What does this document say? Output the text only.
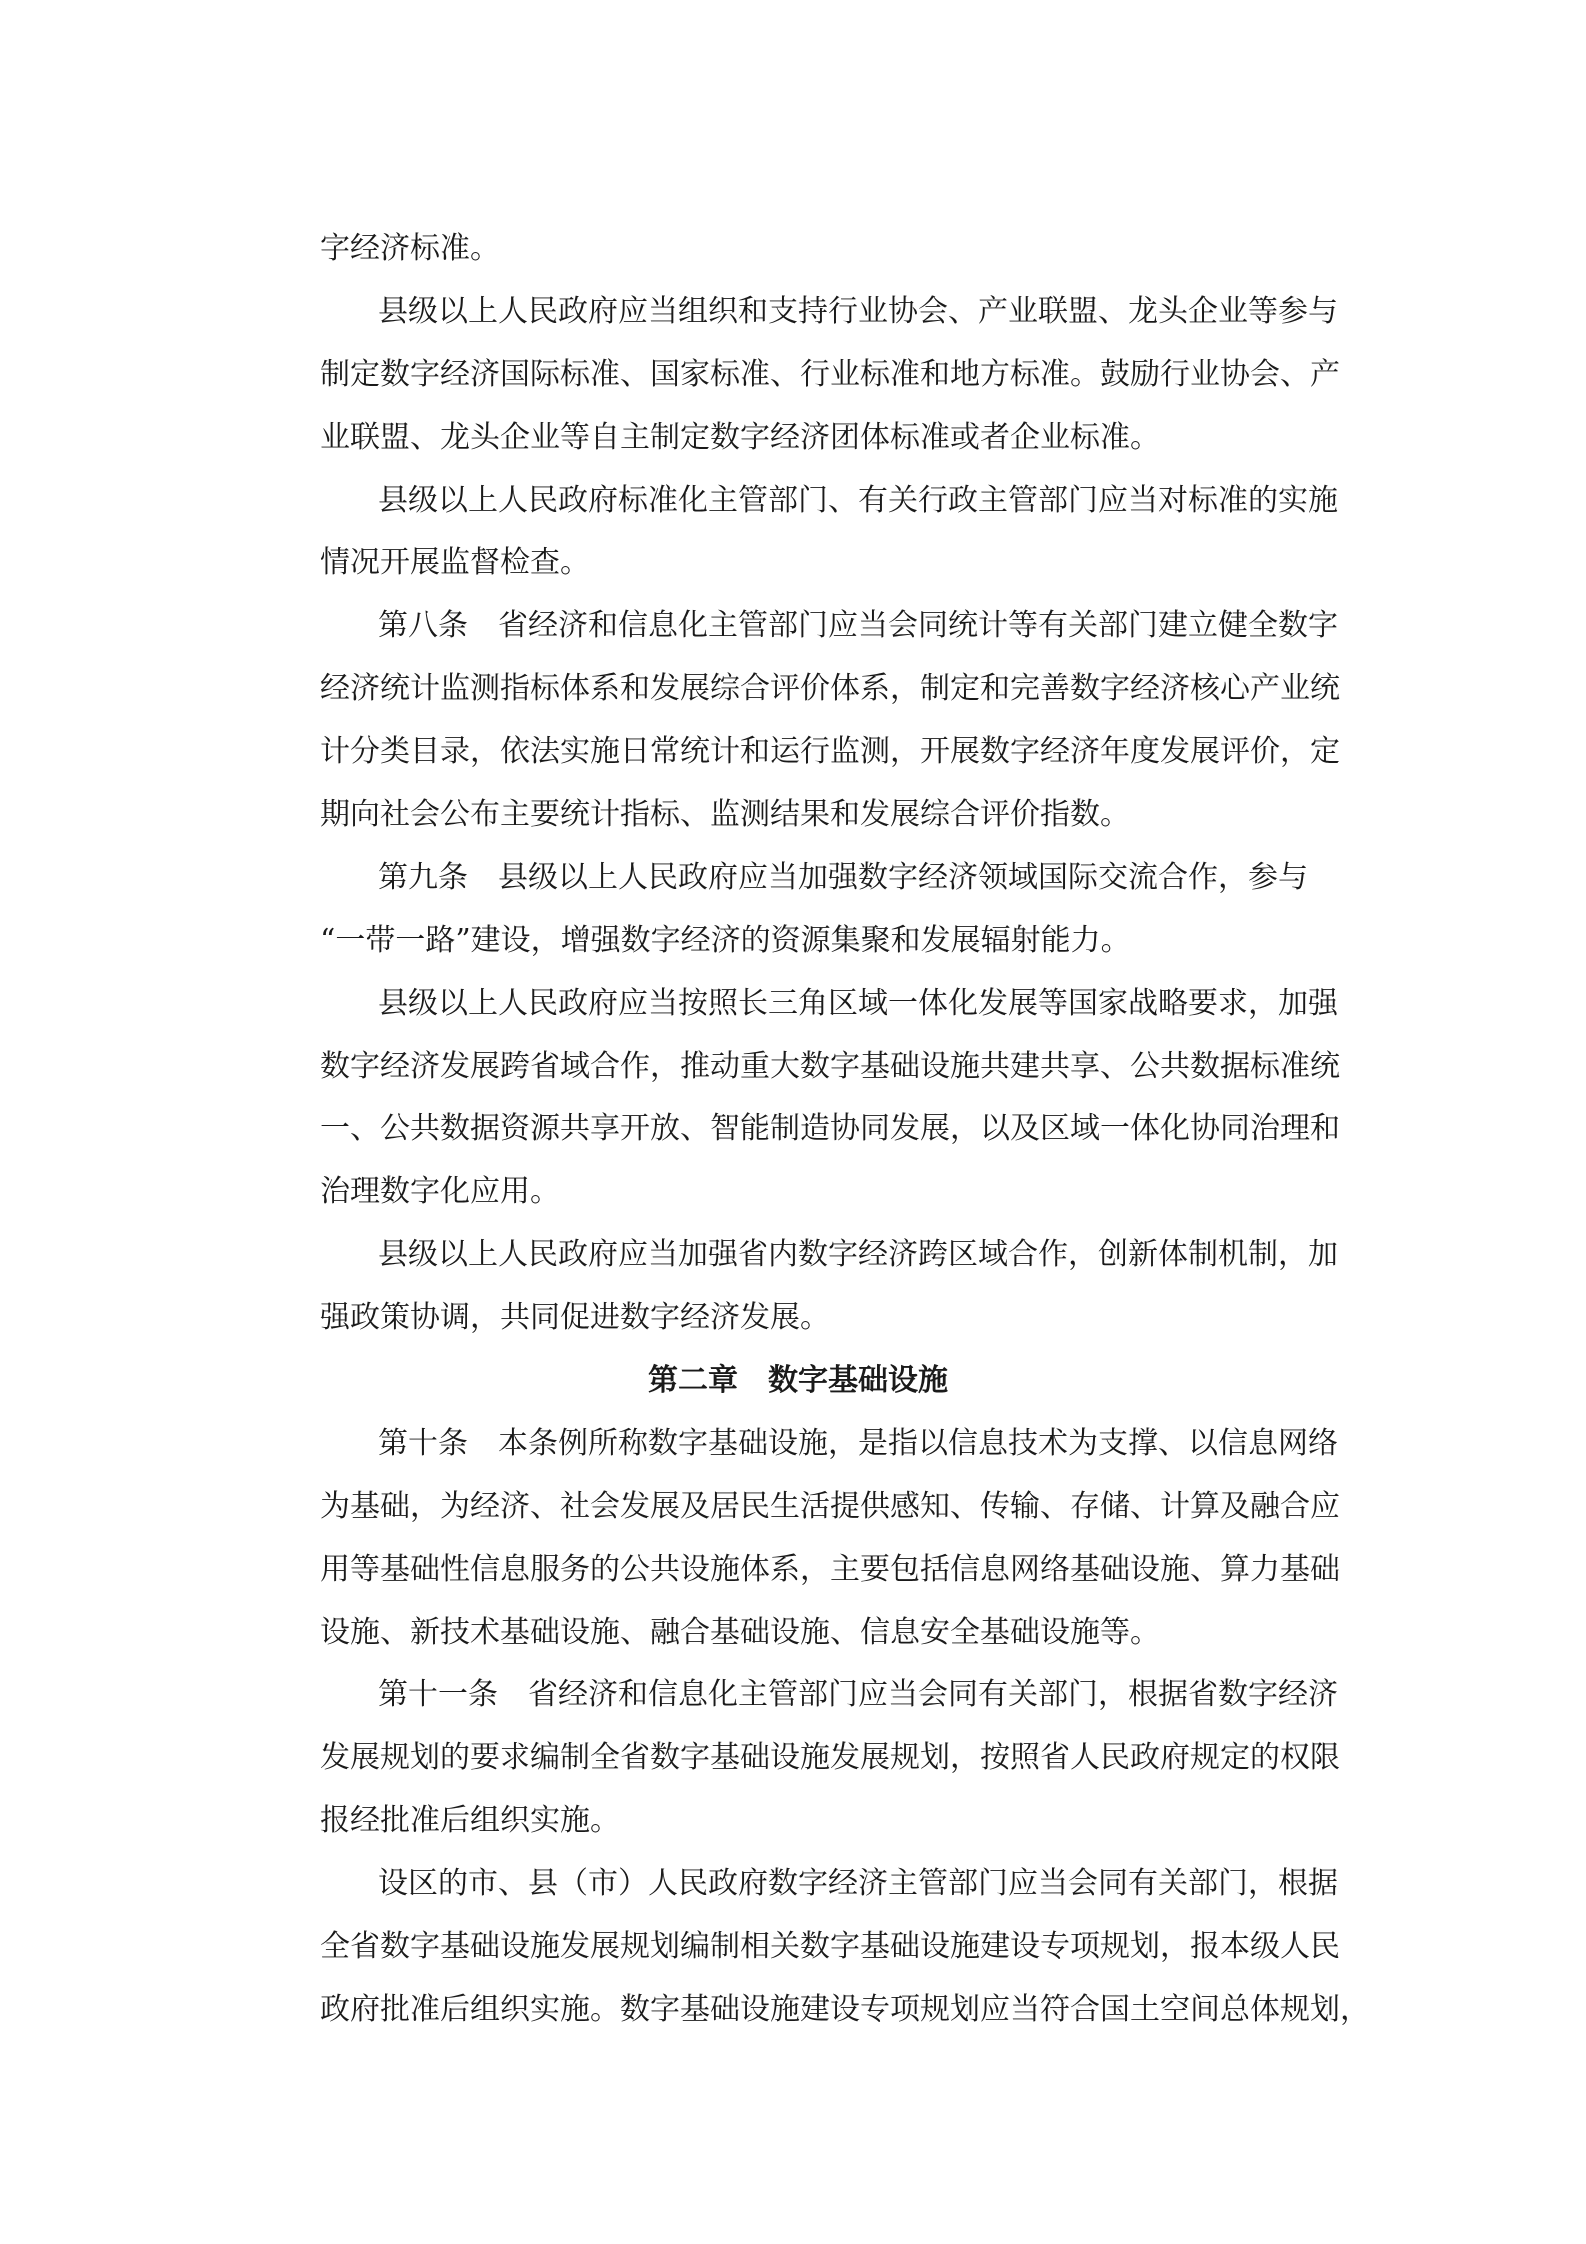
字经济标准。
县级以上人民政府应当组织和支持行业协会、产业联盟、龙头企业等参与
制定数字经济国际标准、国家标准、行业标准和地方标准。鼓励行业协会、产
业联盟、龙头企业等自主制定数字经济团体标准或者企业标准。
县级以上人民政府标准化主管部门、有关行政主管部门应当对标准的实施
情况开展监督检查。
第八条　省经济和信息化主管部门应当会同统计等有关部门建立健全数字
经济统计监测指标体系和发展综合评价体系，制定和完善数字经济核心产业统
计分类目录，依法实施日常统计和运行监测，开展数字经济年度发展评价，定
期向社会公布主要统计指标、监测结果和发展综合评价指数。
第九条　县级以上人民政府应当加强数字经济领域国际交流合作，参与
“一带一路”建设，增强数字经济的资源集聚和发展辐射能力。
县级以上人民政府应当按照长三角区域一体化发展等国家战略要求，加强
数字经济发展跨省域合作，推动重大数字基础设施共建共享、公共数据标准统
一、公共数据资源共享开放、智能制造协同发展，以及区域一体化协同治理和
治理数字化应用。
县级以上人民政府应当加强省内数字经济跨区域合作，创新体制机制，加
强政策协调，共同促进数字经济发展。
第二章　数字基础设施
第十条　本条例所称数字基础设施，是指以信息技术为支撑、以信息网络
为基础，为经济、社会发展及居民生活提供感知、传输、存储、计算及融合应
用等基础性信息服务的公共设施体系，主要包括信息网络基础设施、算力基础
设施、新技术基础设施、融合基础设施、信息安全基础设施等。
第十一条　省经济和信息化主管部门应当会同有关部门，根据省数字经济
发展规划的要求编制全省数字基础设施发展规划，按照省人民政府规定的权限
报经批准后组织实施。
设区的市、县（市）人民政府数字经济主管部门应当会同有关部门，根据
全省数字基础设施发展规划编制相关数字基础设施建设专项规划，报本级人民
政府批准后组织实施。数字基础设施建设专项规划应当符合国土空间总体规划，
